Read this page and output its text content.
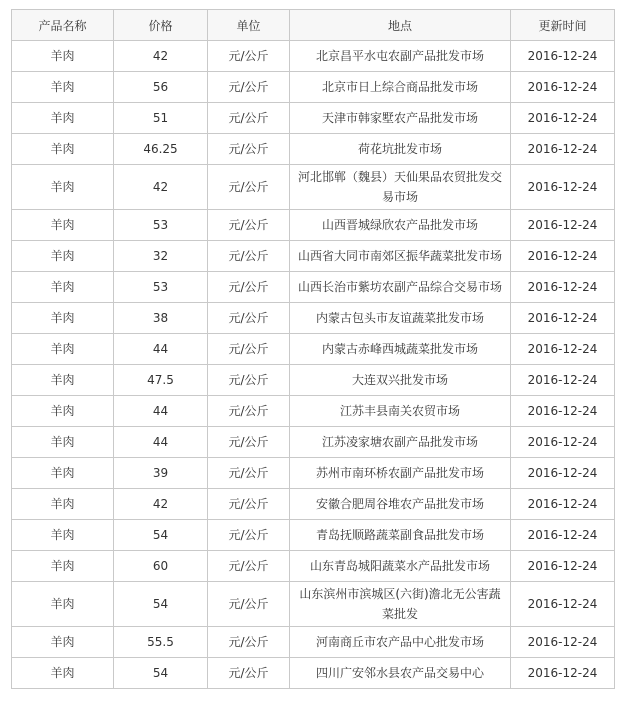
产品名称	价格	单位	地点	更新时间
羊肉	42	元/公斤	北京昌平水屯农副产品批发市场	2016-12-24
羊肉	56	元/公斤	北京市日上综合商品批发市场	2016-12-24
羊肉	51	元/公斤	天津市韩家墅农产品批发市场	2016-12-24
羊肉	46.25	元/公斤	荷花坑批发市场	2016-12-24
羊肉	42	元/公斤	河北邯郸（魏县）天仙果品农贸批发交易市场	2016-12-24
羊肉	53	元/公斤	山西晋城绿欣农产品批发市场	2016-12-24
羊肉	32	元/公斤	山西省大同市南郊区振华蔬菜批发市场	2016-12-24
羊肉	53	元/公斤	山西长治市紫坊农副产品综合交易市场	2016-12-24
羊肉	38	元/公斤	内蒙古包头市友谊蔬菜批发市场	2016-12-24
羊肉	44	元/公斤	内蒙古赤峰西城蔬菜批发市场	2016-12-24
羊肉	47.5	元/公斤	大连双兴批发市场	2016-12-24
羊肉	44	元/公斤	江苏丰县南关农贸市场	2016-12-24
羊肉	44	元/公斤	江苏凌家塘农副产品批发市场	2016-12-24
羊肉	39	元/公斤	苏州市南环桥农副产品批发市场	2016-12-24
羊肉	42	元/公斤	安徽合肥周谷堆农产品批发市场	2016-12-24
羊肉	54	元/公斤	青岛抚顺路蔬菜副食品批发市场	2016-12-24
羊肉	60	元/公斤	山东青岛城阳蔬菜水产品批发市场	2016-12-24
羊肉	54	元/公斤	山东滨州市滨城区(六街)澹北无公害蔬菜批发	2016-12-24
羊肉	55.5	元/公斤	河南商丘市农产品中心批发市场	2016-12-24
羊肉	54	元/公斤	四川广安邻水县农产品交易中心	2016-12-24
